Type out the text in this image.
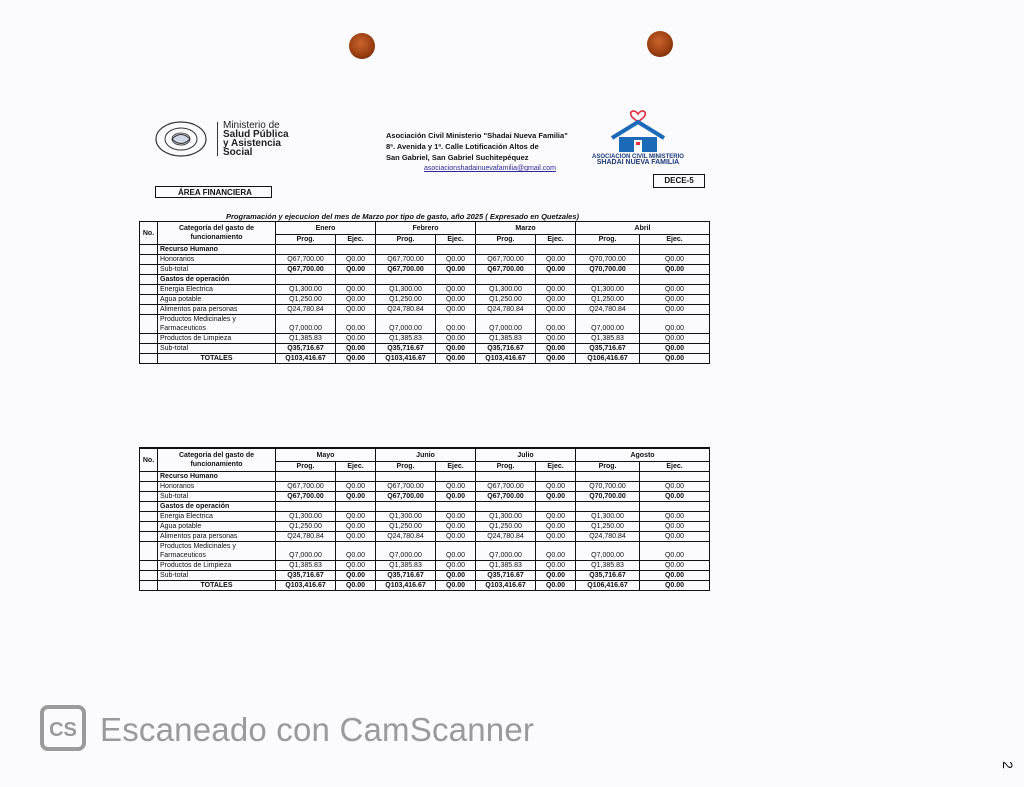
Ministerio de
Salud Pública
y Asistencia
Social
Asociación Civil Ministerio "Shadai Nueva Familia"
8ª. Avenida y 1ª. Calle Lotificación Altos de
San Gabriel, San Gabriel Suchitepéquez
asociacionshadainuevafamilia@gmail.com
ASOCIACION CIVIL MINISTERIO
SHADAI NUEVA FAMILIA
DECE-5
ÁREA FINANCIERA
Programación y ejecucion del mes de Marzo por tipo de gasto, año 2025 ( Expresado en Quetzales)
No.	Categoría del gasto de funcionamiento	Enero		Febrero		Marzo		Abril	
		Prog.	Ejec.	Prog.	Ejec.	Prog.	Ejec.	Prog.	Ejec.
	Recurso Humano								
	Honorarios	Q67,700.00	Q0.00	Q67,700.00	Q0.00	Q67,700.00	Q0.00	Q70,700.00	Q0.00
	Sub-total	Q67,700.00	Q0.00	Q67,700.00	Q0.00	Q67,700.00	Q0.00	Q70,700.00	Q0.00
	Gastos de operación								
	Energia Electrica	Q1,300.00	Q0.00	Q1,300.00	Q0.00	Q1,300.00	Q0.00	Q1,300.00	Q0.00
	Agua potable	Q1,250.00	Q0.00	Q1,250.00	Q0.00	Q1,250.00	Q0.00	Q1,250.00	Q0.00
	Alimentos para personas	Q24,780.84	Q0.00	Q24,780.84	Q0.00	Q24,780.84	Q0.00	Q24,780.84	Q0.00
	Productos Medicinales y
Farmaceuticos	Q7,000.00	Q0.00	Q7,000.00	Q0.00	Q7,000.00	Q0.00	Q7,000.00	Q0.00
	Productos de Limpieza	Q1,385.83	Q0.00	Q1,385.83	Q0.00	Q1,385.83	Q0.00	Q1,385.83	Q0.00
	Sub-total	Q35,716.67	Q0.00	Q35,716.67	Q0.00	Q35,716.67	Q0.00	Q35,716.67	Q0.00
	TOTALES	Q103,416.67	Q0.00	Q103,416.67	Q0.00	Q103,416.67	Q0.00	Q106,416.67	Q0.00
No.	Categoría del gasto de funcionamiento	Mayo		Junio		Julio		Agosto	
		Prog.	Ejec.	Prog.	Ejec.	Prog.	Ejec.	Prog.	Ejec.
	Recurso Humano								
	Honorarios	Q67,700.00	Q0.00	Q67,700.00	Q0.00	Q67,700.00	Q0.00	Q70,700.00	Q0.00
	Sub-total	Q67,700.00	Q0.00	Q67,700.00	Q0.00	Q67,700.00	Q0.00	Q70,700.00	Q0.00
	Gastos de operación								
	Energia Electrica	Q1,300.00	Q0.00	Q1,300.00	Q0.00	Q1,300.00	Q0.00	Q1,300.00	Q0.00
	Agua potable	Q1,250.00	Q0.00	Q1,250.00	Q0.00	Q1,250.00	Q0.00	Q1,250.00	Q0.00
	Alimentos para personas	Q24,780.84	Q0.00	Q24,780.84	Q0.00	Q24,780.84	Q0.00	Q24,780.84	Q0.00
	Productos Medicinales y
Farmaceuticos	Q7,000.00	Q0.00	Q7,000.00	Q0.00	Q7,000.00	Q0.00	Q7,000.00	Q0.00
	Productos de Limpieza	Q1,385.83	Q0.00	Q1,385.83	Q0.00	Q1,385.83	Q0.00	Q1,385.83	Q0.00
	Sub-total	Q35,716.67	Q0.00	Q35,716.67	Q0.00	Q35,716.67	Q0.00	Q35,716.67	Q0.00
	TOTALES	Q103,416.67	Q0.00	Q103,416.67	Q0.00	Q103,416.67	Q0.00	Q106,416.67	Q0.00
CS Escaneado con CamScanner
2
